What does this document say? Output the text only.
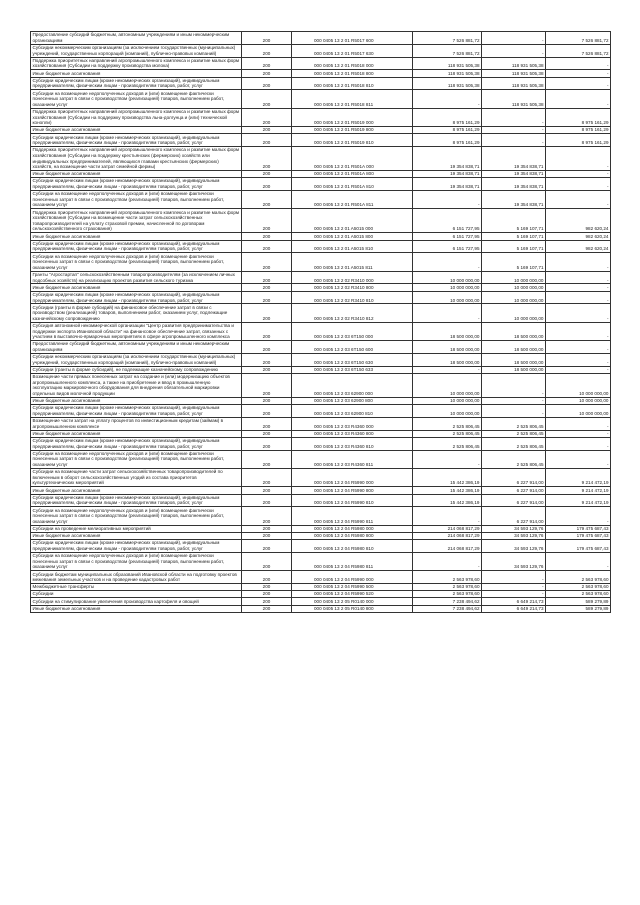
Предоставление субсидий бюджетным, автономным учреждениям и иным некоммерческим организациям	200	000 0405 13 2 01 R5017 600	7 526 881,72	-	7 526 881,72
Субсидии некоммерческим организациям (за исключением государственных (муниципальных) учреждений, государственных корпораций (компаний), публично-правовых компаний)	200	000 0405 13 2 01 R5017 630	7 526 881,72	-	7 526 881,72
Поддержка приоритетных направлений агропромышленного комплекса и развитие малых форм хозяйствования (Субсидии на поддержку производства молока)	200	000 0405 13 2 01 R5018 000	118 931 505,38	118 931 505,38	-
Иные бюджетные ассигнования	200	000 0405 13 2 01 R5018 800	118 931 505,38	118 931 505,38	-
Субсидии юридическим лицам (кроме некоммерческих организаций), индивидуальным предпринимателям, физическим лицам - производителям товаров, работ, услуг	200	000 0405 13 2 01 R5018 810	118 931 505,38	118 931 505,38	-
Субсидии на возмещение недополученных доходов и (или) возмещение фактически понесенных затрат в связи с производством (реализацией) товаров, выполнением работ, оказанием услуг	200	000 0405 13 2 01 R5018 811	-	118 931 505,38	-
Поддержка приоритетных направлений агропромышленного комплекса и развитие малых форм хозяйствования (Субсидии на поддержку производства льна-долгунца и (или) технической конопли)	200	000 0405 13 2 01 R5019 000	8 975 161,29	-	8 975 161,29
Иные бюджетные ассигнования	200	000 0405 13 2 01 R5019 800	8 975 161,29	-	8 975 161,29
Субсидии юридическим лицам (кроме некоммерческих организаций), индивидуальным предпринимателям, физическим лицам - производителям товаров, работ, услуг	200	000 0405 13 2 01 R5019 810	8 975 161,29	-	8 975 161,29
Поддержка приоритетных направлений агропромышленного комплекса и развитие малых форм хозяйствования (Субсидии на поддержку крестьянских (фермерских) хозяйств или индивидуальных предпринимателей, являющихся главами крестьянских (фермерских) хозяйств, на возмещение части затрат семейной фермы)	200	000 0405 13 2 01 R501A 000	19 354 838,71	19 354 838,71	-
Иные бюджетные ассигнования	200	000 0405 13 2 01 R501A 800	19 354 838,71	19 354 838,71	-
Субсидии юридическим лицам (кроме некоммерческих организаций), индивидуальным предпринимателям, физическим лицам - производителям товаров, работ, услуг	200	000 0405 13 2 01 R501A 810	19 354 838,71	19 354 838,71	-
Субсидии на возмещение недополученных доходов и (или) возмещение фактически понесенных затрат в связи с производством (реализацией) товаров, выполнением работ, оказанием услуг	200	000 0405 13 2 01 R501A 811	-	19 354 838,71	-
Поддержка приоритетных направлений агропромышленного комплекса и развитие малых форм хозяйствования (Субсидии на возмещение части затрат сельскохозяйственных товаропроизводителей на уплату страховой премии, начисленной по договорам сельскохозяйственного страхования)	200	000 0405 13 2 01 A5015 000	6 151 727,95	5 169 107,71	982 620,24
Иные бюджетные ассигнования	200	000 0405 13 2 01 A5015 800	6 151 727,95	5 169 107,71	982 620,24
Субсидии юридическим лицам (кроме некоммерческих организаций), индивидуальным предпринимателям, физическим лицам - производителям товаров, работ, услуг	200	000 0405 13 2 01 A5015 810	6 151 727,95	5 169 107,71	982 620,24
Субсидии на возмещение недополученных доходов и (или) возмещение фактически понесенных затрат в связи с производством (реализацией) товаров, выполнением работ, оказанием услуг	200	000 0405 13 2 01 A5015 811	-	5 169 107,71	-
Гранты "Агростартап" сельскохозяйственным товаропроизводителям (за исключением личных подсобных хозяйств) на реализацию проектов развития сельского туризма	200	000 0405 13 2 02 R3410 000	10 000 000,00	10 000 000,00	-
Иные бюджетные ассигнования	200	000 0405 13 2 02 R3410 800	10 000 000,00	10 000 000,00	-
Субсидии юридическим лицам (кроме некоммерческих организаций), индивидуальным предпринимателям, физическим лицам - производителям товаров, работ, услуг	200	000 0405 13 2 02 R3410 810	10 000 000,00	10 000 000,00	-
Субсидии (гранты в форме субсидий) на финансовое обеспечение затрат в связи с производством (реализацией) товаров, выполнением работ, оказанием услуг, подлежащие казначейскому сопровождению	200	000 0405 13 2 02 R3410 812	-	10 000 000,00	-
Субсидия автономной некоммерческой организации "Центр развития предпринимательства и поддержки экспорта Ивановской области" на финансовое обеспечение затрат, связанных с участием в выставочно-ярмарочных мероприятиях в сфере агропромышленного комплекса	200	000 0405 13 2 03 6Т150 000	18 500 000,00	18 500 000,00	-
Предоставление субсидий бюджетным, автономным учреждениям и иным некоммерческим организациям	200	000 0405 13 2 03 6Т150 600	18 500 000,00	18 500 000,00	-
Субсидии некоммерческим организациям (за исключением государственных (муниципальных) учреждений, государственных корпораций (компаний), публично-правовых компаний)	200	000 0405 13 2 03 6Т150 630	18 500 000,00	18 500 000,00	-
Субсидии (гранты в форме субсидий), не подлежащие казначейскому сопровождению	200	000 0405 13 2 03 6Т150 633	-	18 500 000,00	-
Возмещение части прямых понесенных затрат на создание и (или) модернизацию объектов агропромышленного комплекса, а также на приобретение и ввод в промышленную эксплуатацию маркировочного оборудования для внедрения обязательной маркировки отдельных видов молочной продукции	200	000 0405 13 2 03 62900 000	10 000 000,00	-	10 000 000,00
Иные бюджетные ассигнования	200	000 0405 13 2 03 62900 800	10 000 000,00	-	10 000 000,00
Субсидии юридическим лицам (кроме некоммерческих организаций), индивидуальным предпринимателям, физическим лицам - производителям товаров, работ, услуг	200	000 0405 13 2 03 62900 810	10 000 000,00	-	10 000 000,00
Возмещение части затрат на уплату процентов по инвестиционным кредитам (займам) в агропромышленном комплексе	200	000 0405 13 2 03 R4360 000	2 525 806,45	2 525 806,45	-
Иные бюджетные ассигнования	200	000 0405 13 2 03 R4360 800	2 525 806,45	2 525 806,45	-
Субсидии юридическим лицам (кроме некоммерческих организаций), индивидуальным предпринимателям, физическим лицам - производителям товаров, работ, услуг	200	000 0405 13 2 03 R4360 810	2 525 806,45	2 525 806,45	-
Субсидии на возмещение недополученных доходов и (или) возмещение фактически понесенных затрат в связи с производством (реализацией) товаров, выполнением работ, оказанием услуг	200	000 0405 13 2 03 R4360 811	-	2 525 806,45	-
Субсидии на возмещение части затрат сельскохозяйственных товаропроизводителей по включенным в оборот сельскохозяйственных угодий из состава приоритетов культуртехнических мероприятий	200	000 0405 13 2 04 R5990 000	15 442 386,19	6 227 914,00	9 214 472,19
Иные бюджетные ассигнования	200	000 0405 13 2 04 R5990 800	15 442 386,19	6 227 914,00	9 214 472,19
Субсидии юридическим лицам (кроме некоммерческих организаций), индивидуальным предпринимателям, физическим лицам - производителям товаров, работ, услуг	200	000 0405 13 2 04 R5990 810	15 442 386,19	6 227 914,00	9 214 472,19
Субсидии на возмещение недополученных доходов и (или) возмещение фактически понесенных затрат в связи с производством (реализацией) товаров, выполнением работ, оказанием услуг	200	000 0405 13 2 04 R5990 811	-	6 227 914,00	-
Субсидии на проведение мелиоративных мероприятий	200	000 0405 13 2 04 R5980 000	214 068 817,29	34 593 129,76	179 475 687,43
Иные бюджетные ассигнования	200	000 0405 13 2 04 R5980 800	214 068 817,29	34 593 129,76	179 475 687,43
Субсидии юридическим лицам (кроме некоммерческих организаций), индивидуальным предпринимателям, физическим лицам - производителям товаров, работ, услуг	200	000 0405 13 2 04 R5980 810	214 068 817,29	34 593 129,76	179 475 687,43
Субсидии на возмещение недополученных доходов и (или) возмещение фактически понесенных затрат в связи с производством (реализацией) товаров, выполнением работ, оказанием услуг	200	000 0405 13 2 04 R5980 811	-	34 593 129,76	-
Субсидии бюджетам муниципальных образований Ивановской области на подготовку проектов межевания земельных участков и на проведение кадастровых работ	200	000 0405 13 2 04 R5990 000	2 563 978,60	-	2 563 978,60
Межбюджетные трансферты	200	000 0405 13 2 04 R5990 500	2 563 978,60	-	2 563 978,60
Субсидии	200	000 0405 13 2 04 R5990 520	2 563 978,60	-	2 563 978,60
Субсидии на стимулирование увеличения производства картофеля и овощей	200	000 0405 13 2 05 R0140 000	7 238 494,62	6 649 214,73	589 279,89
Иные бюджетные ассигнования	200	000 0405 13 2 05 R0140 800	7 238 494,62	6 649 214,73	589 279,89
